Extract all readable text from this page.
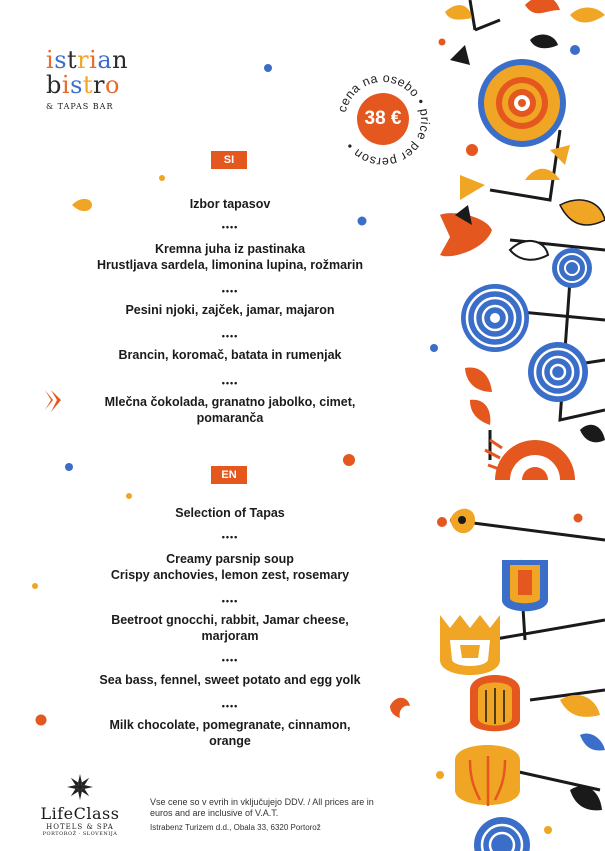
istrian
bistro
& TAPAS BAR	cena na osebo • price per person •
38 €
SI
Izbor tapasov
••••
Kremna juha iz pastinaka
Hrustljava sardela, limonina lupina, rožmarin
••••
Pesini njoki, zajček, jamar, majaron
••••
Brancin, koromač, batata in rumenjak
••••
Mlečna čokolada, granatno jabolko, cimet,
pomaranča
EN
Selection of Tapas
••••
Creamy parsnip soup
Crispy anchovies, lemon zest, rosemary
••••
Beetroot gnocchi, rabbit, Jamar cheese,
marjoram
••••
Sea bass, fennel, sweet potato and egg yolk
••••
Milk chocolate, pomegranate, cinnamon,
orange
LifeClass
HOTELS & SPA
PORTOROŽ · SLOVENIJA
Vse cene so v evrih in vključujejo DDV. / All prices are in euros and are inclusive of V.A.T.
Istrabenz Turizem d.d., Obala 33, 6320 Portorož
